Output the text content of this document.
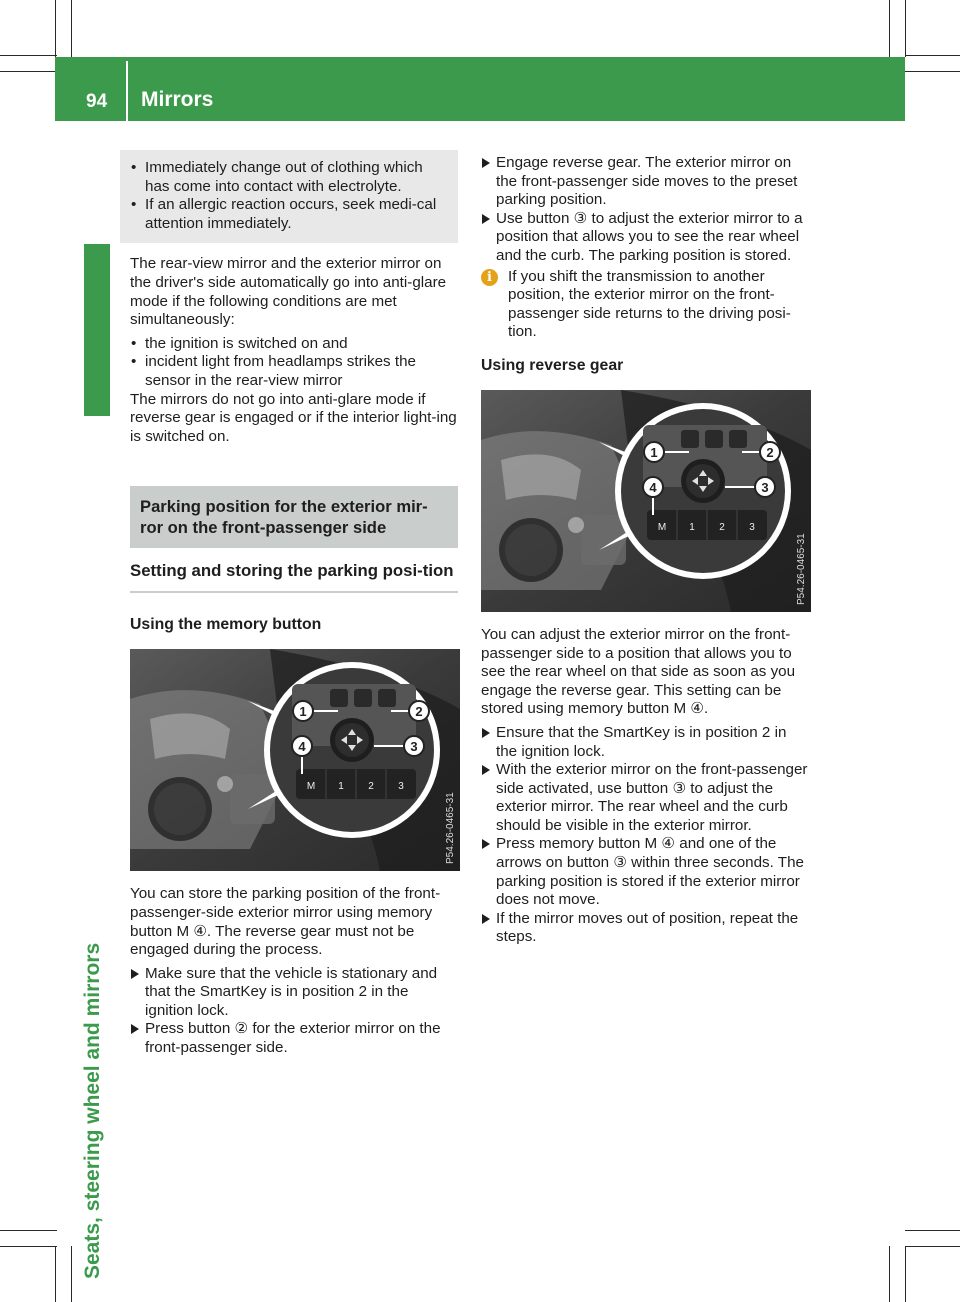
94 Mirrors
Seats, steering wheel and mirrors

• Immediately change out of clothing which has come into contact with electrolyte.

• If an allergic reaction occurs, seek medi-cal attention immediately.

The rear-view mirror and the exterior mirror on the driver's side automatically go into anti-glare mode if the following conditions are met simultaneously:

• the ignition is switched on and

• incident light from headlamps strikes the sensor in the rear-view mirror

The mirrors do not go into anti-glare mode if reverse gear is engaged or if the interior light-ing is switched on.

Parking position for the exterior mir-ror on the front-passenger side
Setting and storing the parking posi-tion
Using the memory button
M 1 2 3
1	2
3
4
P54.26-0465-31

You can store the parking position of the front-passenger-side exterior mirror using memory button M ④. The reverse gear must not be engaged during the process.

Make sure that the vehicle is stationary and that the SmartKey is in position 2 in the ignition lock.

Press button ② for the exterior mirror on the front-passenger side.

Engage reverse gear. The exterior mirror on the front-passenger side moves to the preset parking position.

Use button ③ to adjust the exterior mirror to a position that allows you to see the rear wheel and the curb. The parking position is stored.

i	If you shift the transmission to another position, the exterior mirror on the front-passenger side returns to the driving posi-tion.

Using reverse gear
M 1 2 3
1	2
3
4
P54.26-0465-31

You can adjust the exterior mirror on the front-passenger side to a position that allows you to see the rear wheel on that side as soon as you engage the reverse gear. This setting can be stored using memory button M ④.

Ensure that the SmartKey is in position 2 in the ignition lock.

With the exterior mirror on the front-passenger side activated, use button ③ to adjust the exterior mirror. The rear wheel and the curb should be visible in the exterior mirror.

Press memory button M ④ and one of the arrows on button ③ within three seconds. The parking position is stored if the exterior mirror does not move.

If the mirror moves out of position, repeat the steps.
